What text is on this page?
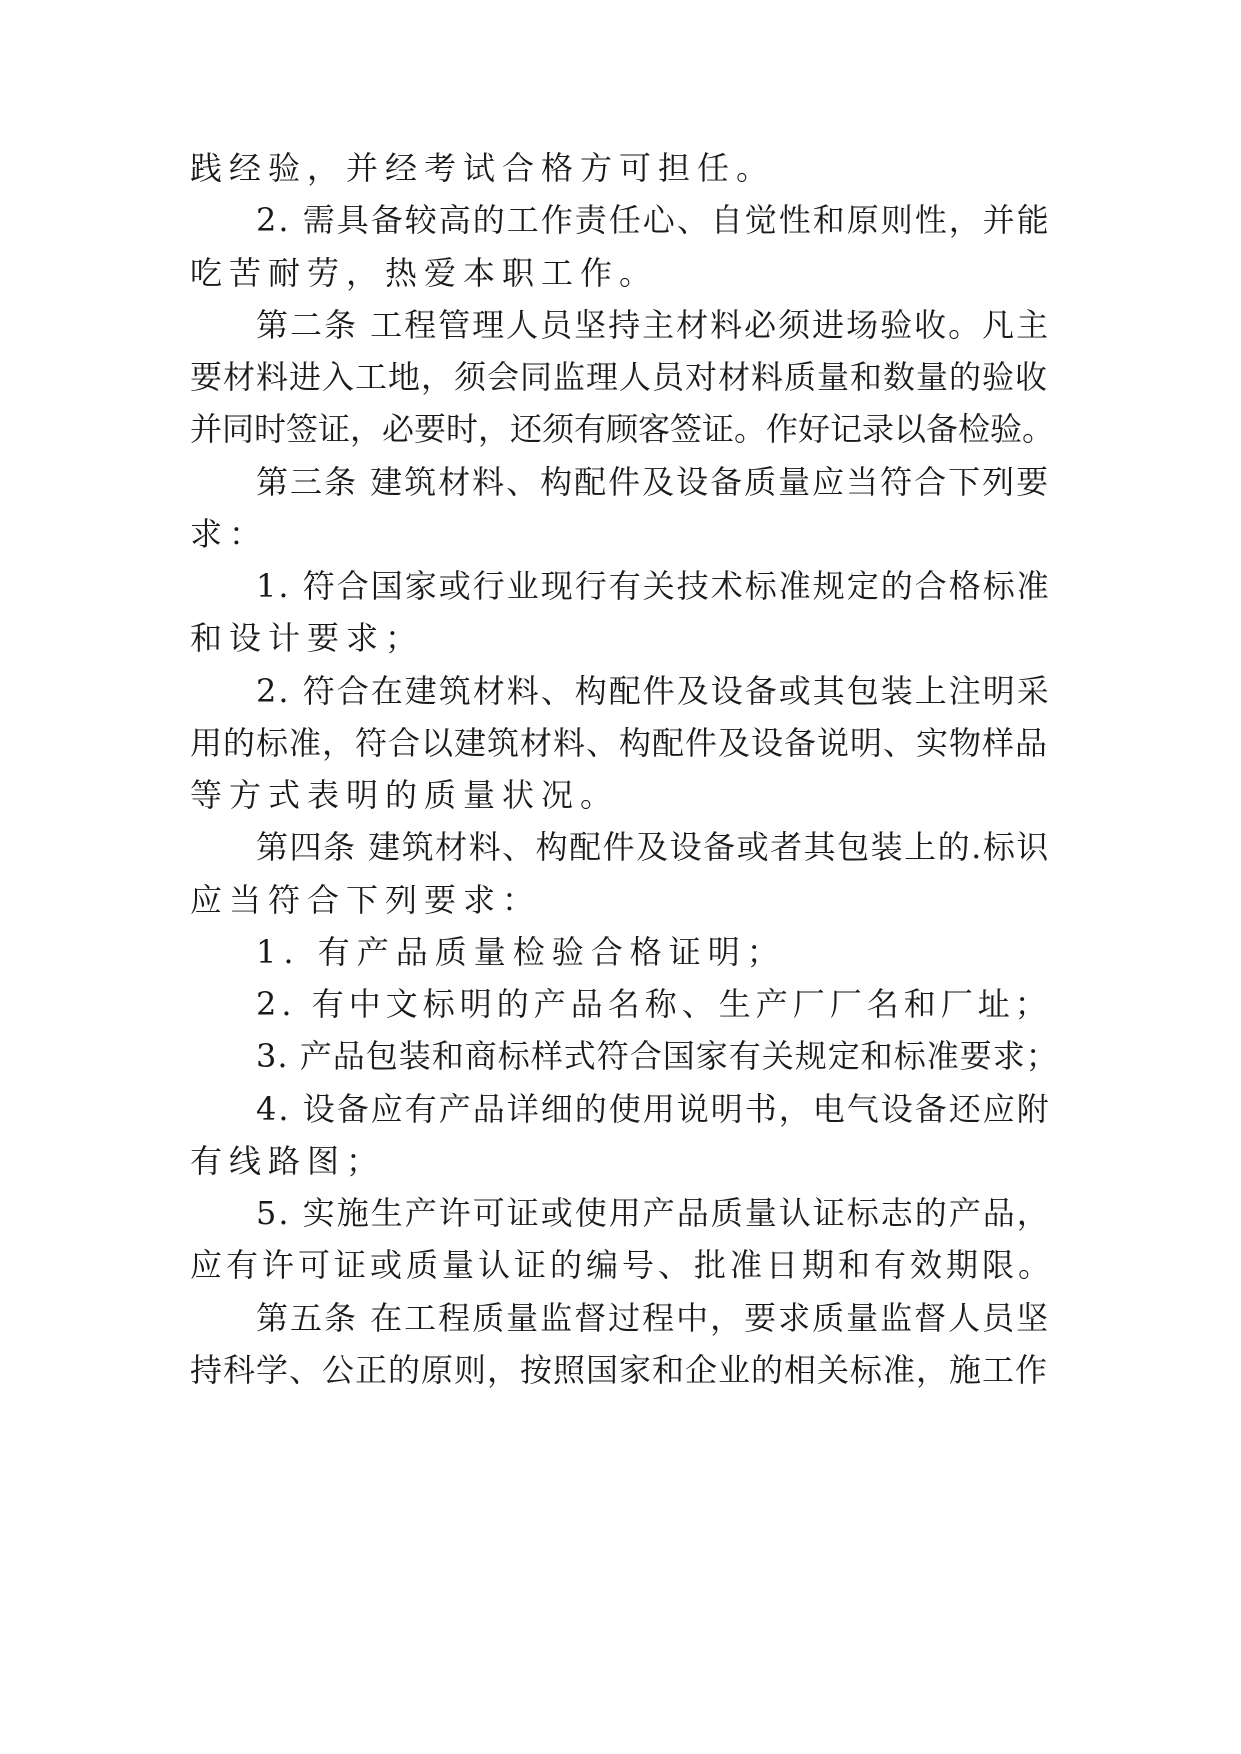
践经验，并经考试合格方可担任。
2. 需具备较高的工作责任心、自觉性和原则性，并能
吃苦耐劳，热爱本职工作。
第二条 工程管理人员坚持主材料必须进场验收。凡主
要材料进入工地，须会同监理人员对材料质量和数量的验收
并同时签证，必要时，还须有顾客签证。作好记录以备检验。
第三条 建筑材料、构配件及设备质量应当符合下列要
求：
1. 符合国家或行业现行有关技术标准规定的合格标准
和设计要求；
2. 符合在建筑材料、构配件及设备或其包装上注明采
用的标准，符合以建筑材料、构配件及设备说明、实物样品
等方式表明的质量状况。
第四条 建筑材料、构配件及设备或者其包装上的.标识
应当符合下列要求：
1. 有产品质量检验合格证明；
2. 有中文标明的产品名称、生产厂厂名和厂址；
3. 产品包装和商标样式符合国家有关规定和标准要求；
4. 设备应有产品详细的使用说明书，电气设备还应附
有线路图；
5. 实施生产许可证或使用产品质量认证标志的产品，
应有许可证或质量认证的编号、批准日期和有效期限。
第五条 在工程质量监督过程中，要求质量监督人员坚
持科学、公正的原则，按照国家和企业的相关标准，施工作
